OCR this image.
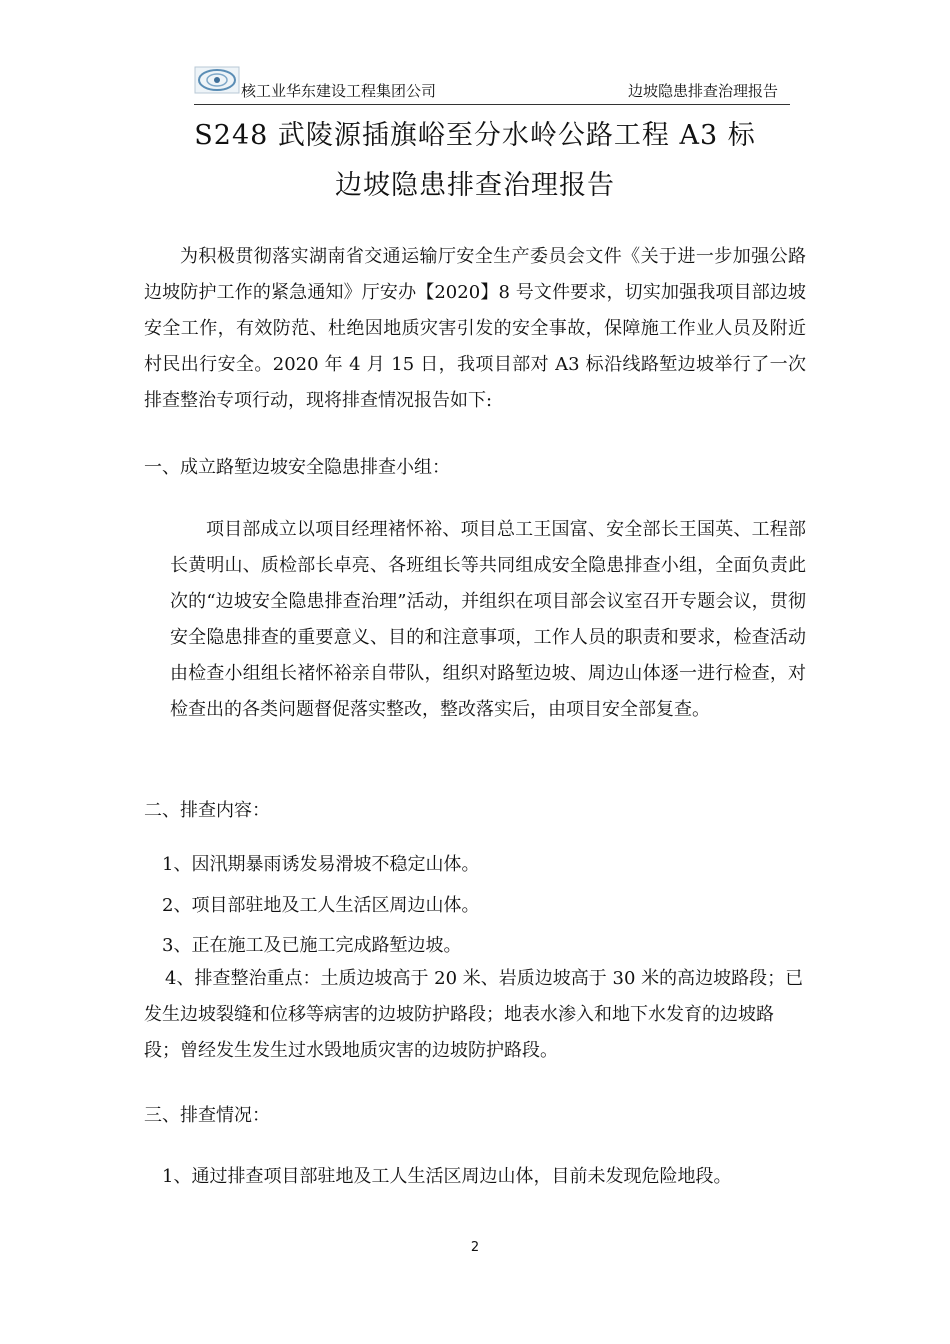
核工业华东建设工程集团公司	边坡隐患排查治理报告
S248 武陵源插旗峪至分水岭公路工程 A3 标
边坡隐患排查治理报告
为积极贯彻落实湖南省交通运输厅安全生产委员会文件《关于进一步加强公路边坡防护工作的紧急通知》厅安办【2020】8 号文件要求，切实加强我项目部边坡安全工作，有效防范、杜绝因地质灾害引发的安全事故，保障施工作业人员及附近村民出行安全。2020 年 4 月 15 日，我项目部对 A3 标沿线路堑边坡举行了一次排查整治专项行动，现将排查情况报告如下:
一、成立路堑边坡安全隐患排查小组：
项目部成立以项目经理褚怀裕、项目总工王国富、安全部长王国英、工程部长黄明山、质检部长卓亮、各班组长等共同组成安全隐患排查小组，全面负责此次的“边坡安全隐患排查治理”活动，并组织在项目部会议室召开专题会议，贯彻安全隐患排查的重要意义、目的和注意事项，工作人员的职责和要求，检查活动由检查小组组长褚怀裕亲自带队，组织对路堑边坡、周边山体逐一进行检查，对检查出的各类问题督促落实整改，整改落实后，由项目安全部复查。
二、排查内容：
1、因汛期暴雨诱发易滑坡不稳定山体。
2、项目部驻地及工人生活区周边山体。
3、正在施工及已施工完成路堑边坡。
4、排查整治重点：土质边坡高于 20 米、岩质边坡高于 30 米的高边坡路段；已发生边坡裂缝和位移等病害的边坡防护路段；地表水渗入和地下水发育的边坡路段；曾经发生发生过水毁地质灾害的边坡防护路段。
三、排查情况：
1、通过排查项目部驻地及工人生活区周边山体，目前未发现危险地段。
2
